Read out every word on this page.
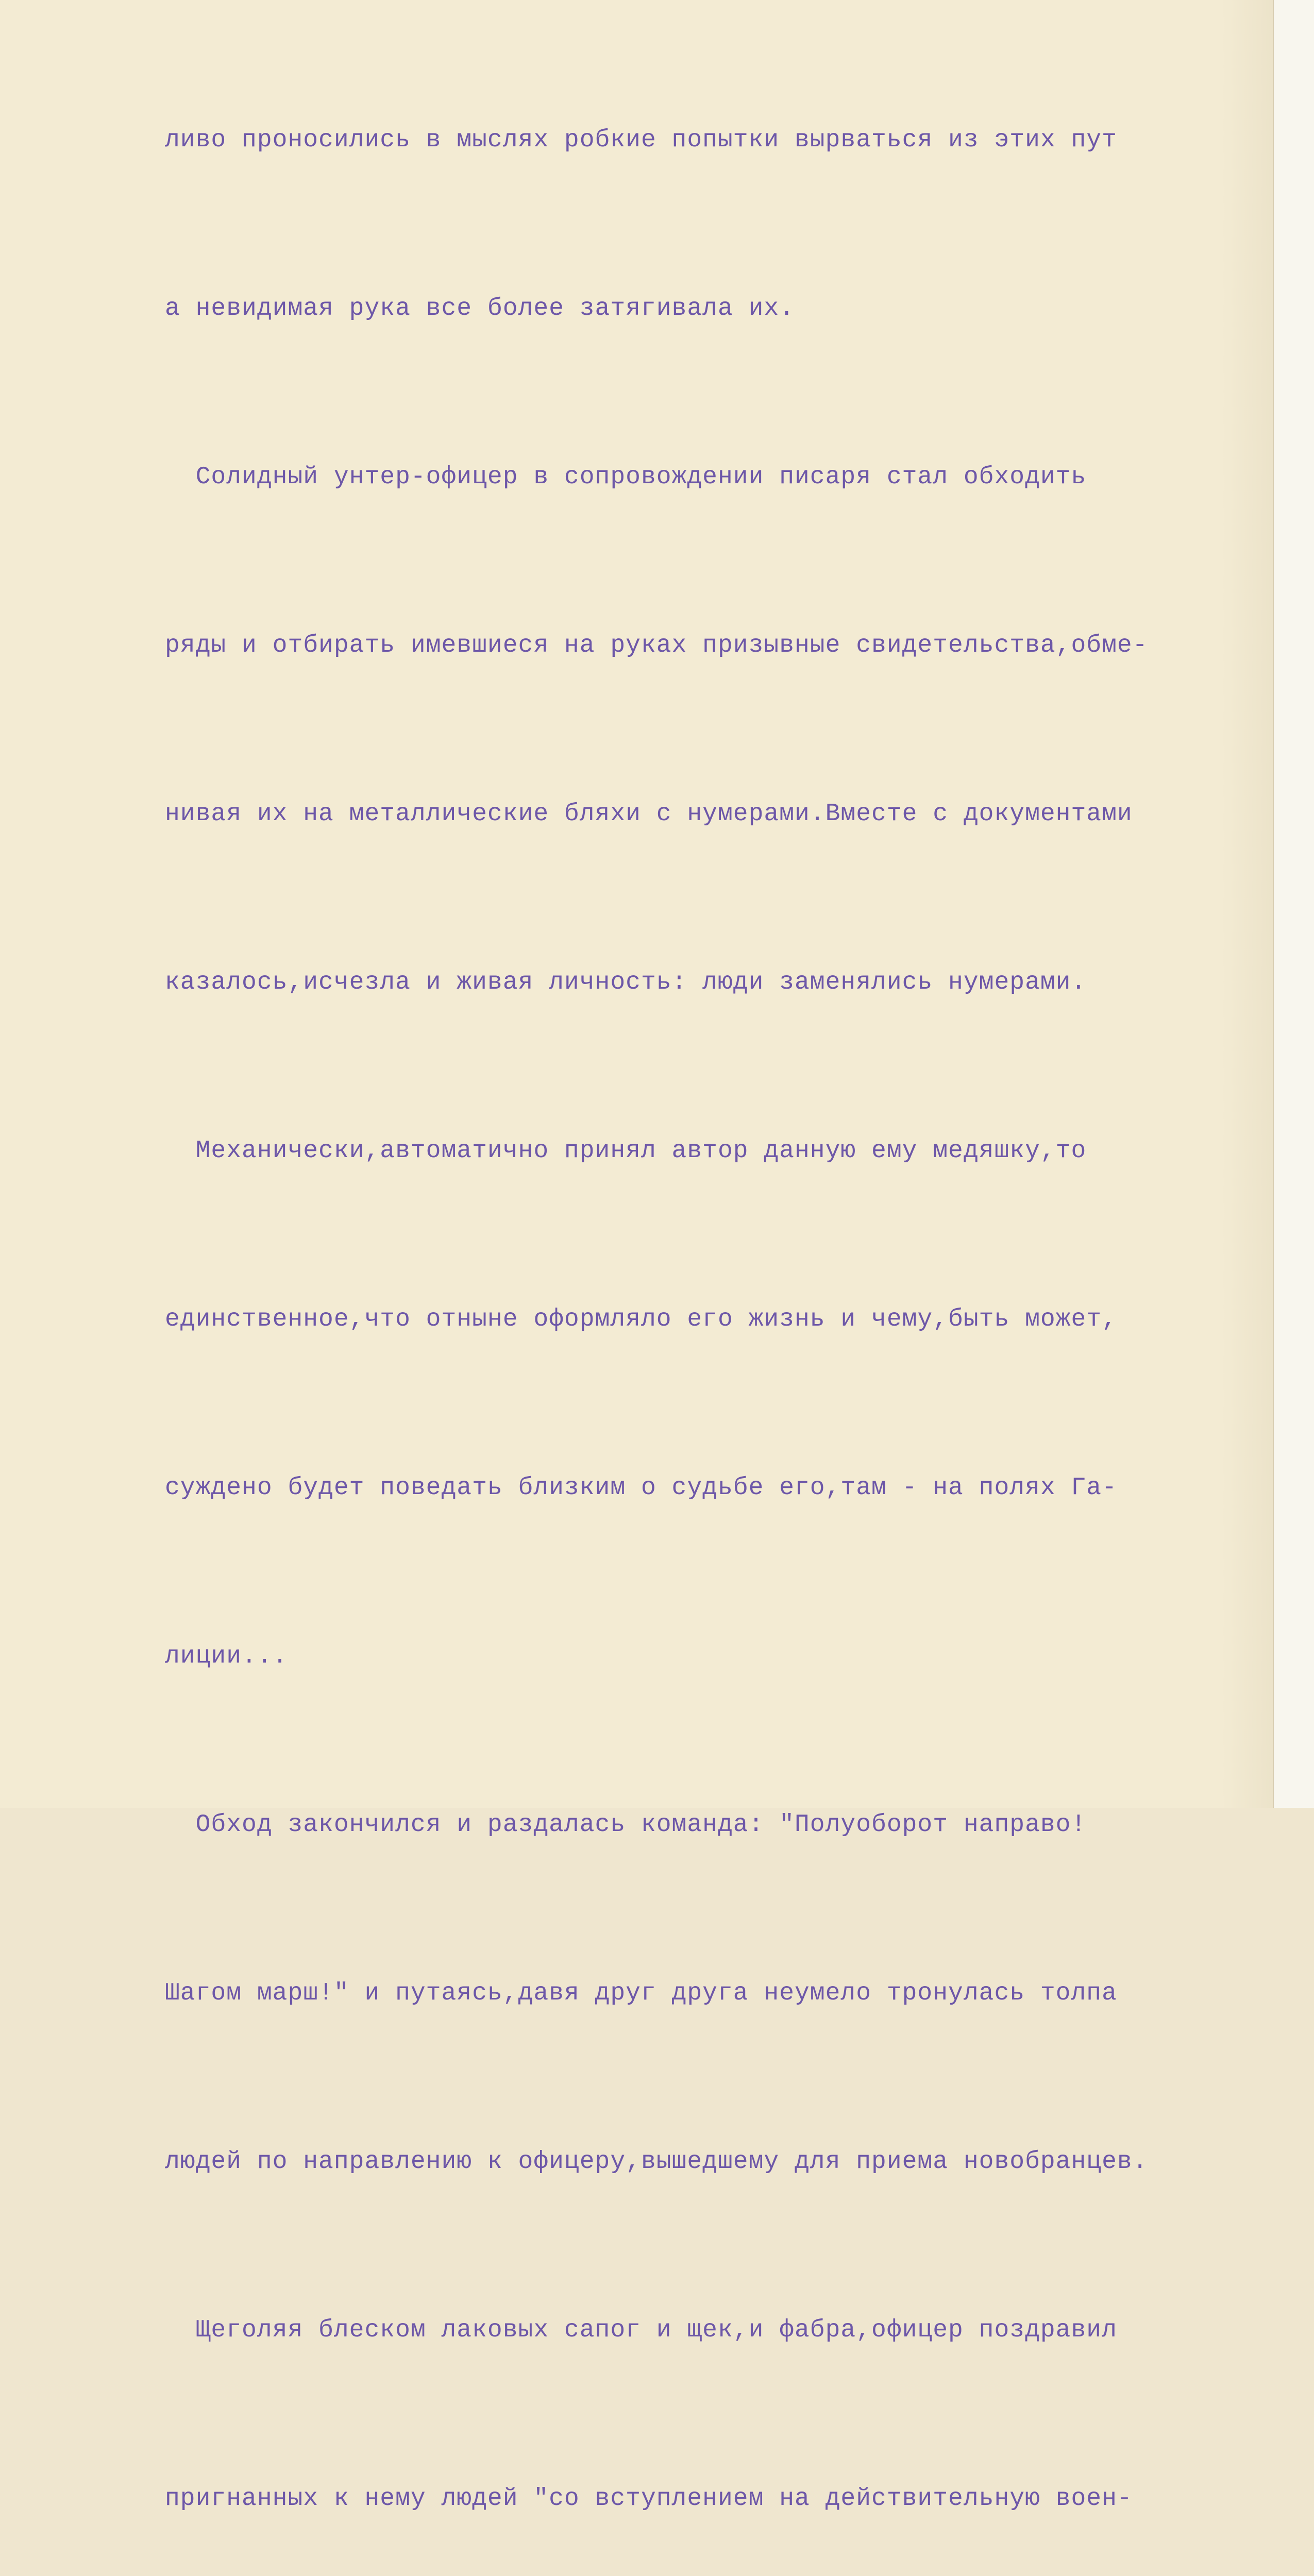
ливо проносились в мыслях робкие попытки вырваться из этих пут

а невидимая рука все более затягивала их.

Солидный унтер-офицер в сопровождении писаря стал обходить

ряды и отбирать имевшиеся на руках призывные свидетельства,обме-

нивая их на металлические бляхи с нумерами.Вместе с документами

казалось,исчезла и живая личность: люди заменялись нумерами.

Механически,автоматично принял автор данную ему медяшку,то

единственное,что отныне оформляло его жизнь и чему,быть может,

суждено будет поведать близким о судьбе его,там - на полях Га-

лиции...

Обход закончился и раздалась команда: "Полуоборот направо!

Шагом марш!" и путаясь,давя друг друга неумело тронулась толпа

людей по направлению к офицеру,вышедшему для приема новобранцев.

Щеголяя блеском лаковых сапог и щек,и фабра,офицер поздравил

пригнанных к нему людей "со вступлением на действительную воен-
